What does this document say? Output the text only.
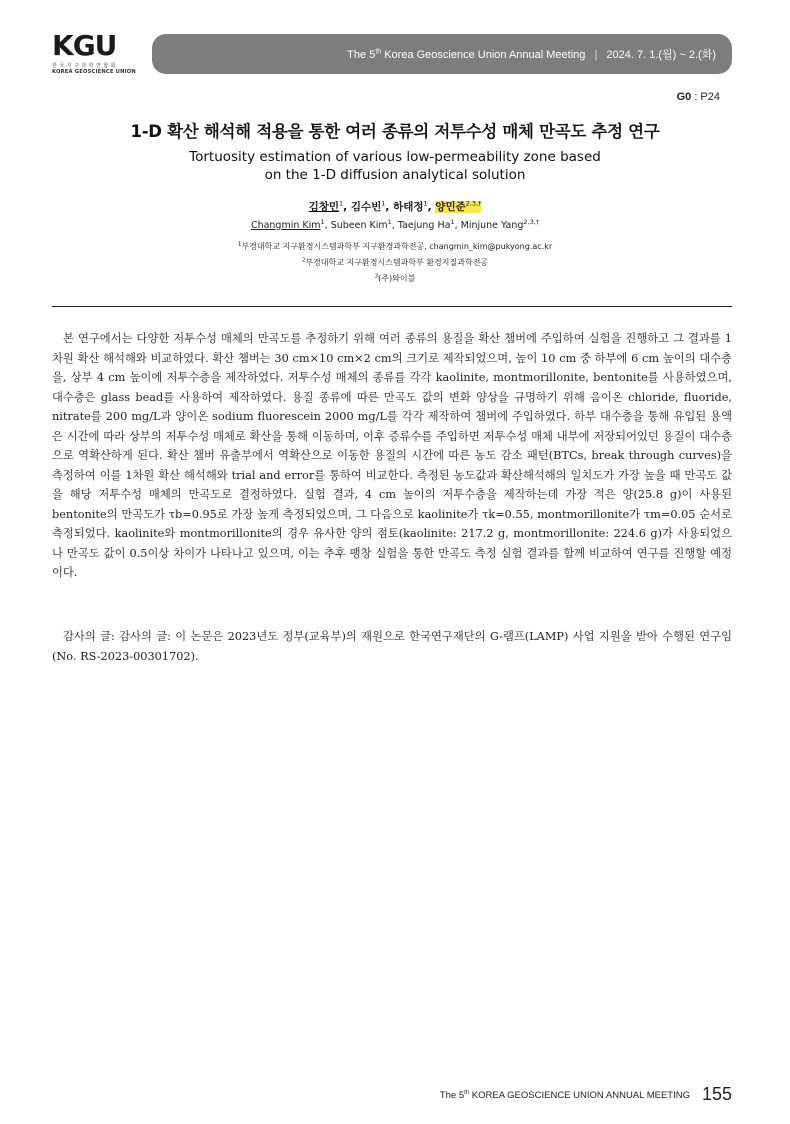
KGU
한국지구과학연합회
KOREA GEOSCIENCE UNION
The 5th Korea Geoscience Union Annual Meeting | 2024. 7. 1.(월) ~ 2.(화)
G0 : P24
1-D 확산 해석해 적용을 통한 여러 종류의 저투수성 매체 만곡도 추정 연구
Tortuosity estimation of various low-permeability zone based
on the 1-D diffusion analytical solution
김창민$^1$, 김수빈$^1$, 하태정$^1$, 양민준$^{2,3,\dagger}$
Changmin Kim$^1$, Subeen Kim$^1$, Taejung Ha$^1$, Minjune Yang$^{2,3,\dagger}$
$^1$부경대학교 지구환경시스템과학부 지구환경과학전공, changmin_kim@pukyong.ac.kr
$^2$부경대학교 지구환경시스템과학부 환경지질과학전공
$^3$(주)와이블

본 연구에서는 다양한 저투수성 매체의 만곡도를 추정하기 위해 여러 종류의 용질을 확산 챔버에 주입하여 실험을 진행하고 그 결과를 1차원 확산 해석해와 비교하였다. 확산 챔버는 30 cm×10 cm×2 cm의 크기로 제작되었으며, 높이 10 cm 중 하부에 6 cm 높이의 대수층을, 상부 4 cm 높이에 저투수층을 제작하였다. 저투수성 매체의 종류를 각각 kaolinite, montmorillonite, bentonite를 사용하였으며, 대수층은 glass bead를 사용하여 제작하였다. 용질 종류에 따른 만곡도 값의 변화 양상을 규명하기 위해 음이온 chloride, fluoride, nitrate를 200 mg/L과 양이온 sodium fluorescein 2000 mg/L를 각각 제작하여 챔버에 주입하였다. 하부 대수층을 통해 유입된 용액은 시간에 따라 상부의 저투수성 매체로 확산을 통해 이동하며, 이후 증류수를 주입하면 저투수성 매체 내부에 저장되어있던 용질이 대수층으로 역확산하게 된다. 확산 챔버 유출부에서 역확산으로 이동한 용질의 시간에 따른 농도 감소 패턴(BTCs, break through curves)을 측정하여 이를 1차원 확산 해석해와 trial and error를 통하여 비교한다. 측정된 농도값과 확산해석해의 일치도가 가장 높을 때 만곡도 값을 해당 저투수성 매체의 만곡도로 결정하였다. 실험 결과, 4 cm 높이의 저투수층을 제작하는데 가장 적은 양(25.8 g)이 사용된 bentonite의 만곡도가 τb=0.95로 가장 높게 측정되었으며, 그 다음으로 kaolinite가 τk=0.55, montmorillonite가 τm=0.05 순서로 측정되었다. kaolinite와 montmorillonite의 경우 유사한 양의 점토(kaolinite: 217.2 g, montmorillonite: 224.6 g)가 사용되었으나 만곡도 값이 0.5이상 차이가 나타나고 있으며, 이는 추후 팽창 실험을 통한 만곡도 측정 실험 결과를 함께 비교하여 연구를 진행할 예정이다.

감사의 글: 감사의 글: 이 논문은 2023년도 정부(교육부)의 재원으로 한국연구재단의 G-램프(LAMP) 사업 지원을 받아 수행된 연구임(No. RS-2023-00301702).

The 5th KOREA GEOSCIENCE UNION ANNUAL MEETING 155
